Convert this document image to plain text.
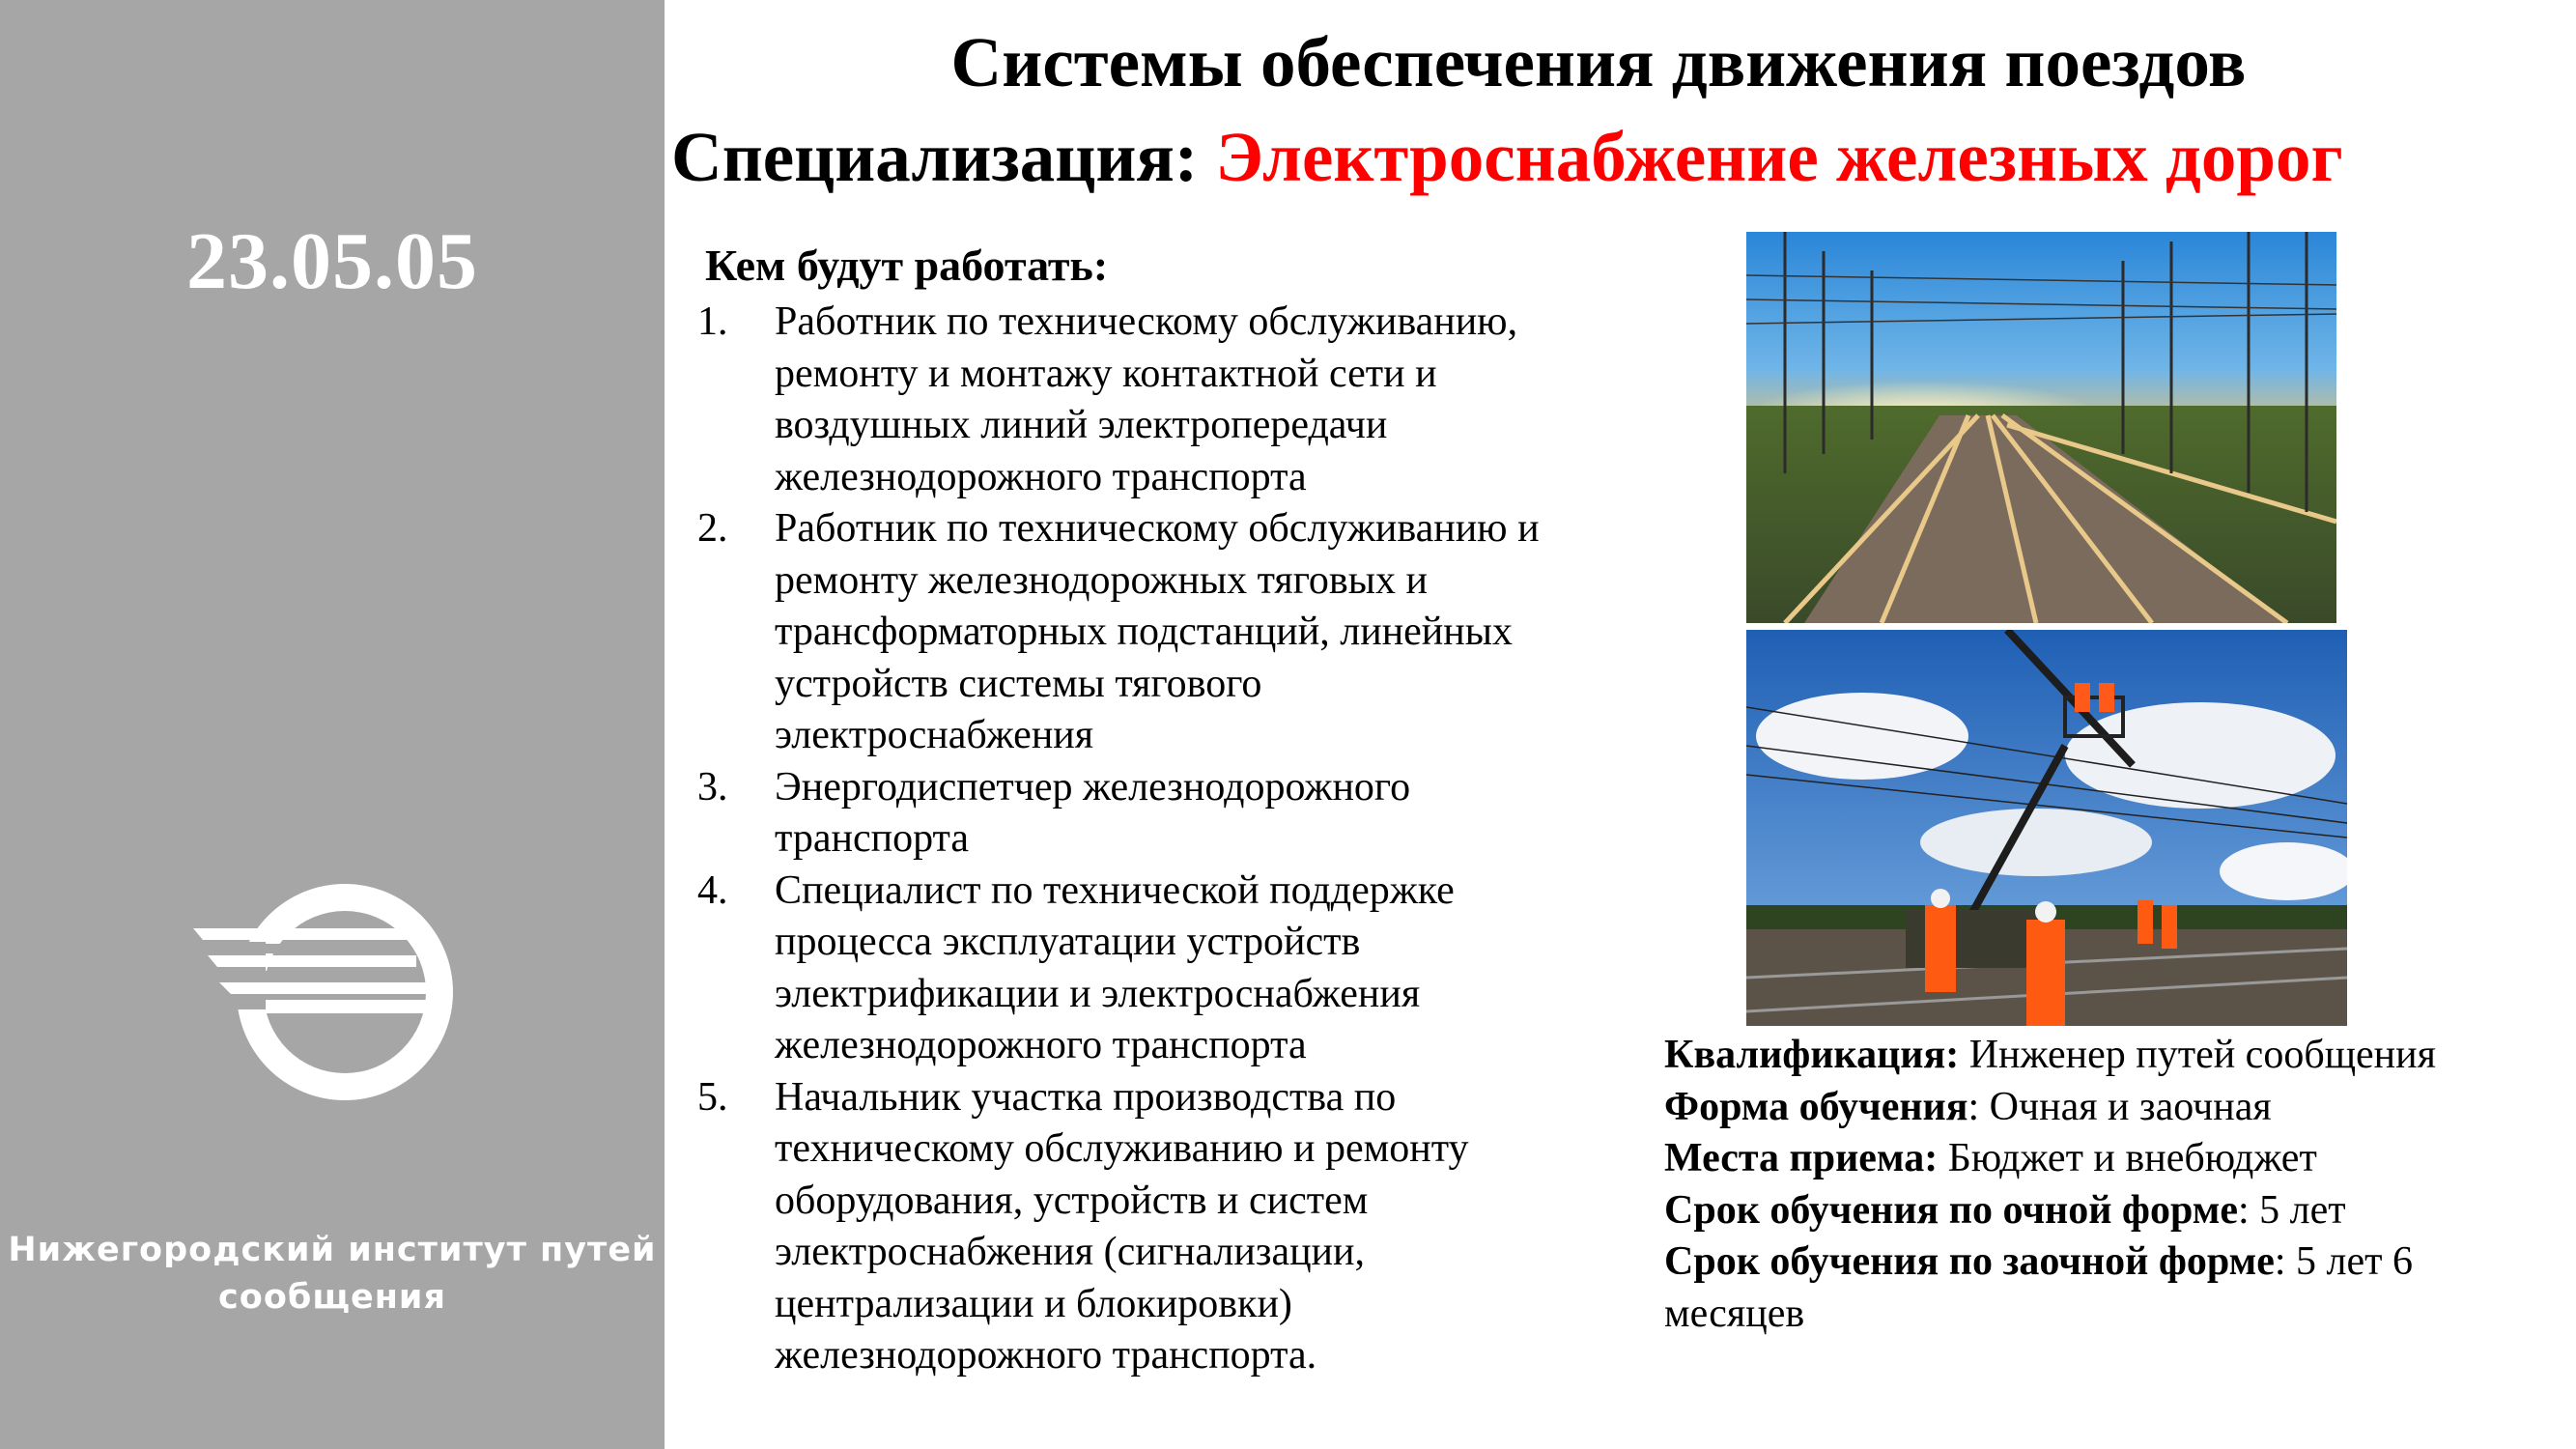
23.05.05
Нижегородский институт путей сообщения
Системы обеспечения движения поездов
Специализация: Электроснабжение железных дорог
Кем будут работать:
1. Работник по техническому обслуживанию, ремонту и монтажу контактной сети и воздушных линий электропередачи железнодорожного транспорта
2. Работник по техническому обслуживанию и ремонту железнодорожных тяговых и трансформаторных подстанций, линейных устройств системы тягового электроснабжения
3. Энергодиспетчер железнодорожного транспорта
4. Специалист по технической поддержке процесса эксплуатации устройств электрификации и электроснабжения железнодорожного транспорта
5. Начальник участка производства по техническому обслуживанию и ремонту оборудования, устройств и систем электроснабжения (сигнализации, централизации и блокировки) железнодорожного транспорта.
Квалификация: Инженер путей сообщения
Форма обучения: Очная и заочная
Места приема: Бюджет и внебюджет
Срок обучения по очной форме: 5 лет
Срок обучения по заочной форме: 5 лет 6 месяцев
